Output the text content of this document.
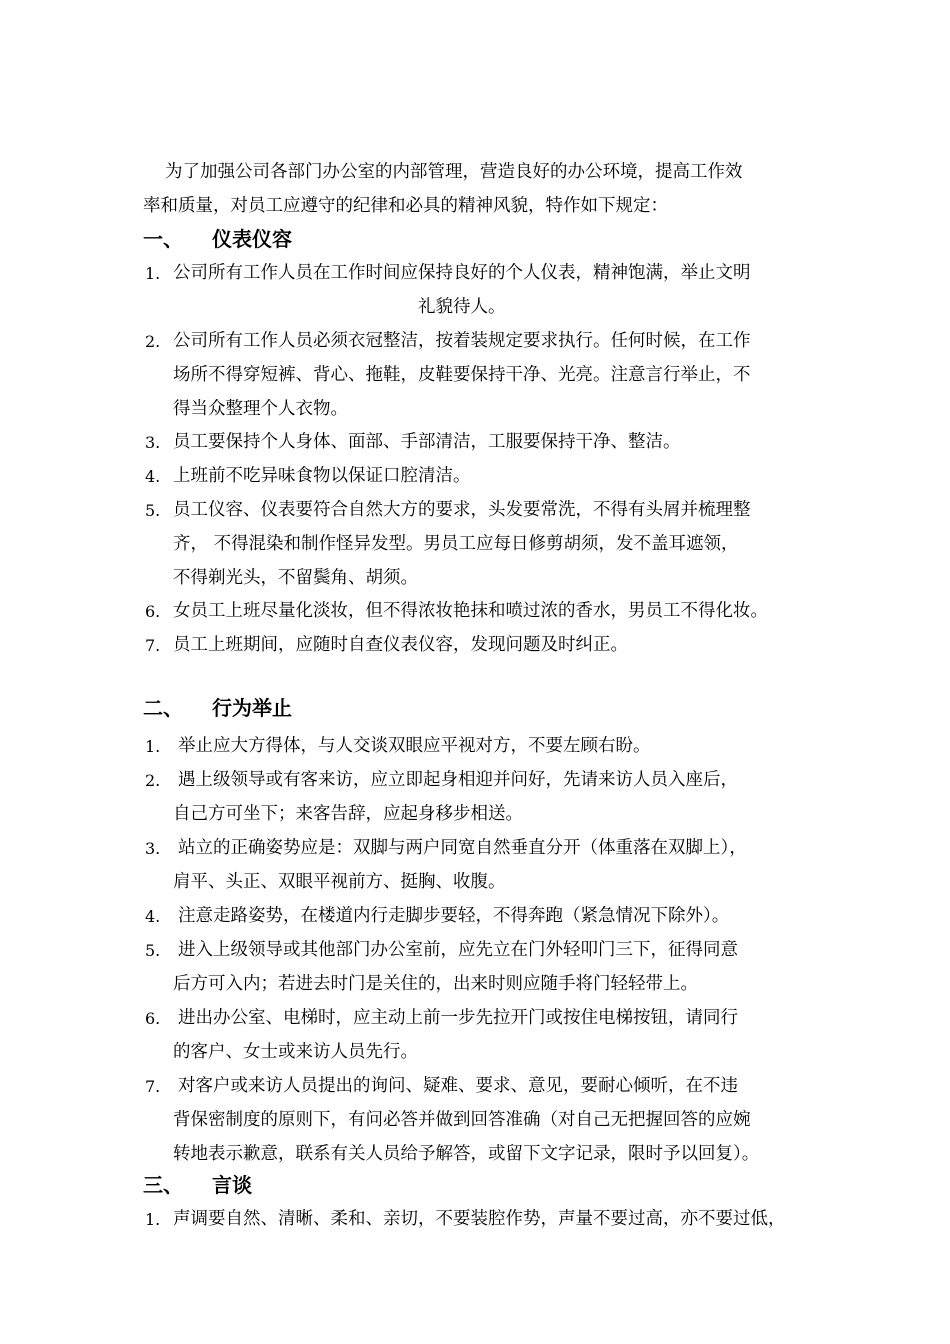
为了加强公司各部门办公室的内部管理，营造良好的办公环境，提高工作效
率和质量，对员工应遵守的纪律和必具的精神风貌，特作如下规定：
一、 仪表仪容
1. 公司所有工作人员在工作时间应保持良好的个人仪表，精神饱满，举止文明
礼貌待人。
2. 公司所有工作人员必须衣冠整洁，按着装规定要求执行。任何时候，在工作
场所不得穿短裤、背心、拖鞋，皮鞋要保持干净、光亮。注意言行举止，不
得当众整理个人衣物。
3. 员工要保持个人身体、面部、手部清洁，工服要保持干净、整洁。
4. 上班前不吃异味食物以保证口腔清洁。
5. 员工仪容、仪表要符合自然大方的要求，头发要常洗，不得有头屑并梳理整
齐， 不得混染和制作怪异发型。男员工应每日修剪胡须，发不盖耳遮领，
不得剃光头，不留鬓角、胡须。
6. 女员工上班尽量化淡妆，但不得浓妆艳抹和喷过浓的香水，男员工不得化妆。
7. 员工上班期间，应随时自查仪表仪容，发现问题及时纠正。
二、 行为举止
1. 举止应大方得体，与人交谈双眼应平视对方，不要左顾右盼。
2. 遇上级领导或有客来访，应立即起身相迎并问好，先请来访人员入座后，
自己方可坐下；来客告辞，应起身移步相送。
3. 站立的正确姿势应是：双脚与两户同宽自然垂直分开（体重落在双脚上），
肩平、头正、双眼平视前方、挺胸、收腹。
4. 注意走路姿势，在楼道内行走脚步要轻，不得奔跑（紧急情况下除外）。
5. 进入上级领导或其他部门办公室前，应先立在门外轻叩门三下，征得同意
后方可入内；若进去时门是关住的，出来时则应随手将门轻轻带上。
6. 进出办公室、电梯时，应主动上前一步先拉开门或按住电梯按钮，请同行
的客户、女士或来访人员先行。
7. 对客户或来访人员提出的询问、疑难、要求、意见，要耐心倾听，在不违
背保密制度的原则下，有问必答并做到回答准确（对自己无把握回答的应婉
转地表示歉意，联系有关人员给予解答，或留下文字记录，限时予以回复）。
三、 言谈
1. 声调要自然、清晰、柔和、亲切，不要装腔作势，声量不要过高，亦不要过低，
